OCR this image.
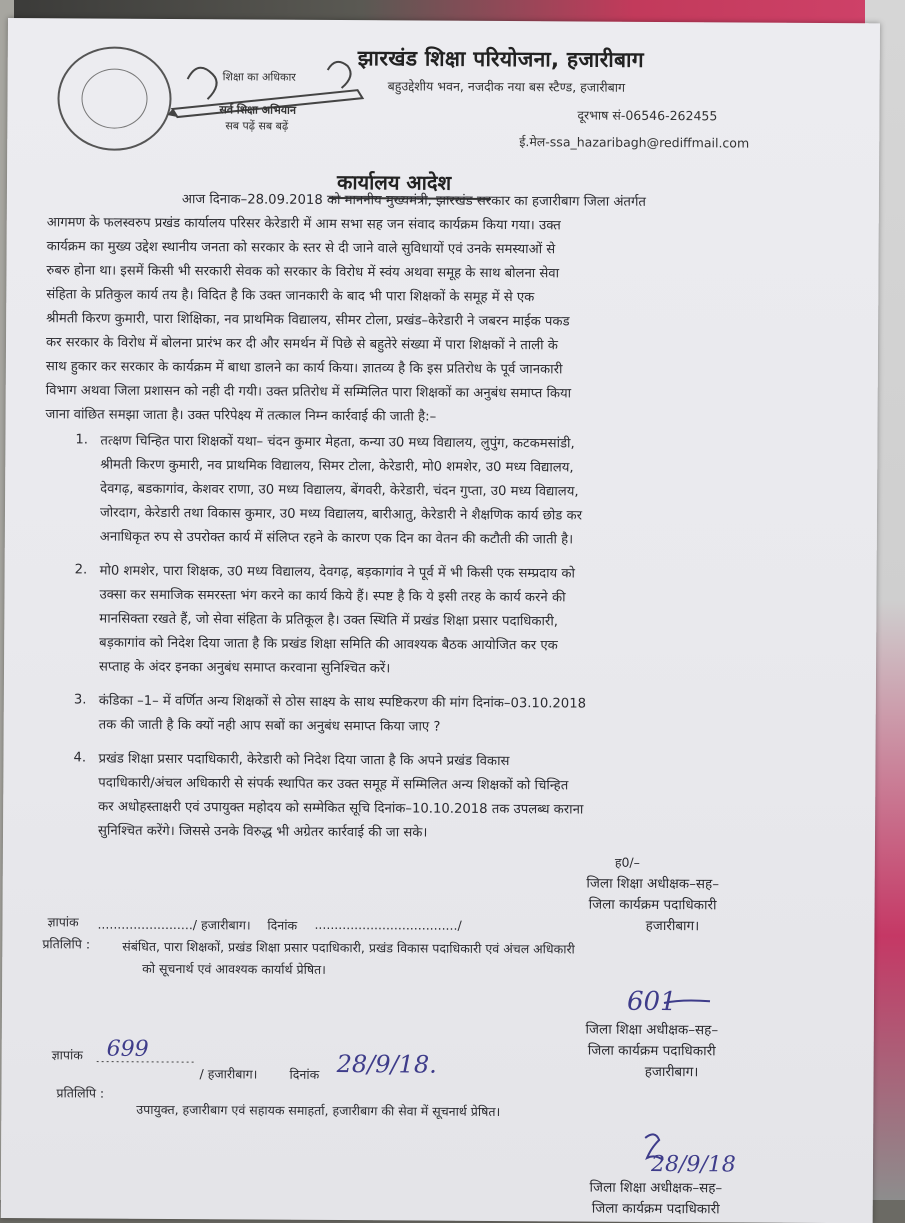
शिक्षा का अधिकार
सर्व शिक्षा अभियान
सब पढ़ें सब बढ़ें
झारखंड शिक्षा परियोजना, हजारीबाग
बहुउद्देशीय भवन, नजदीक नया बस स्टैण्ड, हजारीबाग
दूरभाष सं-06546-262455
ई.मेल-ssa_hazaribagh@rediffmail.com
कार्यालय आदेश
आज दिनाक–28.09.2018 को माननीय मुख्यमंत्री, झारखंड सरकार का हजारीबाग जिला अंतर्गत
आगमण के फलस्वरुप प्रखंड कार्यालय परिसर केरेडारी में आम सभा सह जन संवाद कार्यक्रम किया गया। उक्त
कार्यक्रम का मुख्य उद्देश स्थानीय जनता को सरकार के स्तर से दी जाने वाले सुविधायों एवं उनके समस्याओं से
रुबरु होना था। इसमें किसी भी सरकारी सेवक को सरकार के विरोध में स्वंय अथवा समूह के साथ बोलना सेवा
संहिता के प्रतिकुल कार्य तय है। विदित है कि उक्त जानकारी के बाद भी पारा शिक्षकों के समूह में से एक
श्रीमती किरण कुमारी, पारा शिक्षिका, नव प्राथमिक विद्यालय, सीमर टोला, प्रखंड–केरेडारी ने जबरन माईक पकड
कर सरकार के विरोध में बोलना प्रारंभ कर दी और समर्थन में पिछे से बहुतेरे संख्या में पारा शिक्षकों ने ताली के
साथ हुकार कर सरकार के कार्यक्रम में बाधा डालने का कार्य किया। ज्ञातव्य है कि इस प्रतिरोध के पूर्व जानकारी
विभाग अथवा जिला प्रशासन को नही दी गयी। उक्त प्रतिरोध में सम्मिलित पारा शिक्षकों का अनुबंध समाप्त किया
जाना वांछित समझा जाता है। उक्त परिपेक्ष्य में तत्काल निम्न कार्रवाई की जाती है:–
1. तत्क्षण चिन्हित पारा शिक्षकों यथा– चंदन कुमार मेहता, कन्या उ0 मध्य विद्यालय, लुपुंग, कटकमसांडी,
श्रीमती किरण कुमारी, नव प्राथमिक विद्यालय, सिमर टोला, केरेडारी, मो0 शमशेर, उ0 मध्य विद्यालय,
देवगढ़, बडकागांव, केशवर राणा, उ0 मध्य विद्यालय, बेंगवरी, केरेडारी, चंदन गुप्ता, उ0 मध्य विद्यालय,
जोरदाग, केरेडारी तथा विकास कुमार, उ0 मध्य विद्यालय, बारीआतु, केरेडारी ने शैक्षणिक कार्य छोड कर
अनाधिकृत रुप से उपरोक्त कार्य में संलिप्त रहने के कारण एक दिन का वेतन की कटौती की जाती है।
2. मो0 शमशेर, पारा शिक्षक, उ0 मध्य विद्यालय, देवगढ़, बड़कागांव ने पूर्व में भी किसी एक सम्प्रदाय को
उक्सा कर समाजिक समरस्ता भंग करने का कार्य किये हैं। स्पष्ट है कि ये इसी तरह के कार्य करने की
मानसिक्ता रखते हैं, जो सेवा संहिता के प्रतिकूल है। उक्त स्थिति में प्रखंड शिक्षा प्रसार पदाधिकारी,
बड़कागांव को निदेश दिया जाता है कि प्रखंड शिक्षा समिति की आवश्यक बैठक आयोजित कर एक
सप्ताह के अंदर इनका अनुबंध समाप्त करवाना सुनिश्चित करें।
3. कंडिका –1– में वर्णित अन्य शिक्षकों से ठोस साक्ष्य के साथ स्पष्टिकरण की मांग दिनांक–03.10.2018
तक की जाती है कि क्यों नही आप सबों का अनुबंध समाप्त किया जाए ?
4. प्रखंड शिक्षा प्रसार पदाधिकारी, केरेडारी को निदेश दिया जाता है कि अपने प्रखंड विकास
पदाधिकारी/अंचल अधिकारी से संपर्क स्थापित कर उक्त समूह में सम्मिलित अन्य शिक्षकों को चिन्हित
कर अधोहस्ताक्षरी एवं उपायुक्त महोदय को सम्मेकित सूचि दिनांक–10.10.2018 तक उपलब्ध कराना
सुनिश्चित करेंगे। जिससे उनके विरुद्ध भी अग्रेतर कार्रवाई की जा सके।
ह0/–
जिला शिक्षा अधीक्षक–सह–
जिला कार्यक्रम पदाधिकारी
हजारीबाग।
ज्ञापांक ......................../ हजारीबाग। दिनांक ..................................../
प्रतिलिपि :	संबंधित, पारा शिक्षकों, प्रखंड शिक्षा प्रसार पदाधिकारी, प्रखंड विकास पदाधिकारी एवं अंचल अधिकारी
को सूचनार्थ एवं आवश्यक कार्यार्थ प्रेषित।
601
जिला शिक्षा अधीक्षक–सह–
जिला कार्यक्रम पदाधिकारी
हजारीबाग।
ज्ञापांक 699
/ हजारीबाग।	दिनांक 28/9/18.
प्रतिलिपि :
उपायुक्त, हजारीबाग एवं सहायक समाहर्ता, हजारीबाग की सेवा में सूचनार्थ प्रेषित।
28/9/18
जिला शिक्षा अधीक्षक–सह–
जिला कार्यक्रम पदाधिकारी
